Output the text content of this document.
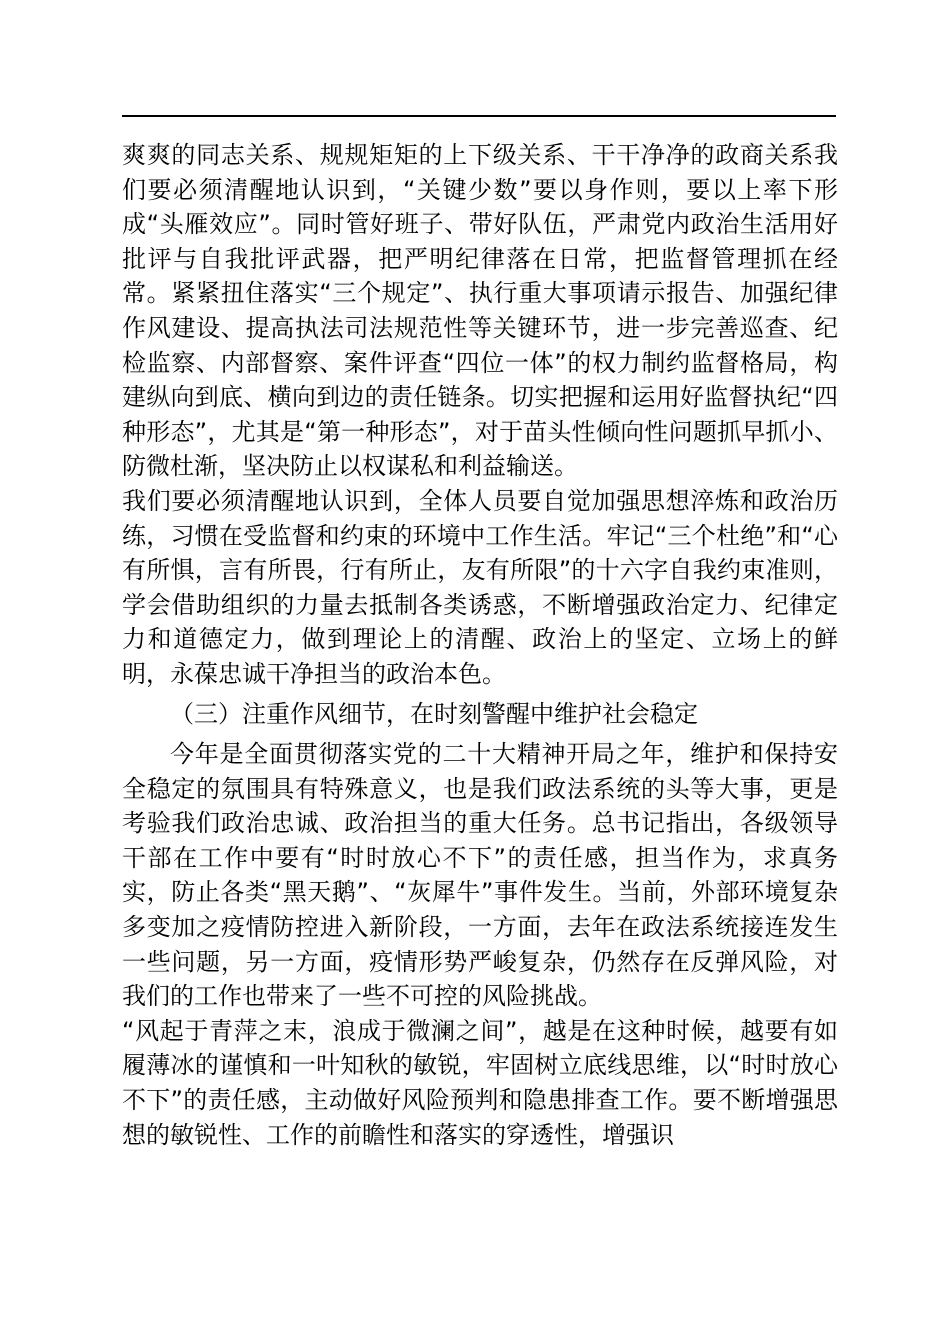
爽爽的同志关系、规规矩矩的上下级关系、干干净净的政商关系我们要必须清醒地认识到，“关键少数”要以身作则，要以上率下形成“头雁效应”。同时管好班子、带好队伍，严肃党内政治生活用好批评与自我批评武器，把严明纪律落在日常，把监督管理抓在经常。紧紧扭住落实“三个规定”、执行重大事项请示报告、加强纪律作风建设、提高执法司法规范性等关键环节，进一步完善巡查、纪检监察、内部督察、案件评查“四位一体”的权力制约监督格局，构建纵向到底、横向到边的责任链条。切实把握和运用好监督执纪“四种形态”，尤其是“第一种形态”，对于苗头性倾向性问题抓早抓小、防微杜渐，坚决防止以权谋私和利益输送。

我们要必须清醒地认识到，全体人员要自觉加强思想淬炼和政治历练，习惯在受监督和约束的环境中工作生活。牢记“三个杜绝”和“心有所惧，言有所畏，行有所止，友有所限”的十六字自我约束准则，学会借助组织的力量去抵制各类诱惑，不断增强政治定力、纪律定力和道德定力，做到理论上的清醒、政治上的坚定、立场上的鲜明，永葆忠诚干净担当的政治本色。

（三）注重作风细节，在时刻警醒中维护社会稳定

今年是全面贯彻落实党的二十大精神开局之年，维护和保持安全稳定的氛围具有特殊意义，也是我们政法系统的头等大事，更是考验我们政治忠诚、政治担当的重大任务。总书记指出，各级领导干部在工作中要有“时时放心不下”的责任感，担当作为，求真务实，防止各类“黑天鹅”、“灰犀牛”事件发生。当前，外部环境复杂多变加之疫情防控进入新阶段，一方面，去年在政法系统接连发生一些问题，另一方面，疫情形势严峻复杂，仍然存在反弹风险，对我们的工作也带来了一些不可控的风险挑战。

“风起于青萍之末，浪成于微澜之间”，越是在这种时候，越要有如履薄冰的谨慎和一叶知秋的敏锐，牢固树立底线思维，以“时时放心不下”的责任感，主动做好风险预判和隐患排查工作。要不断增强思想的敏锐性、工作的前瞻性和落实的穿透性，增强识
